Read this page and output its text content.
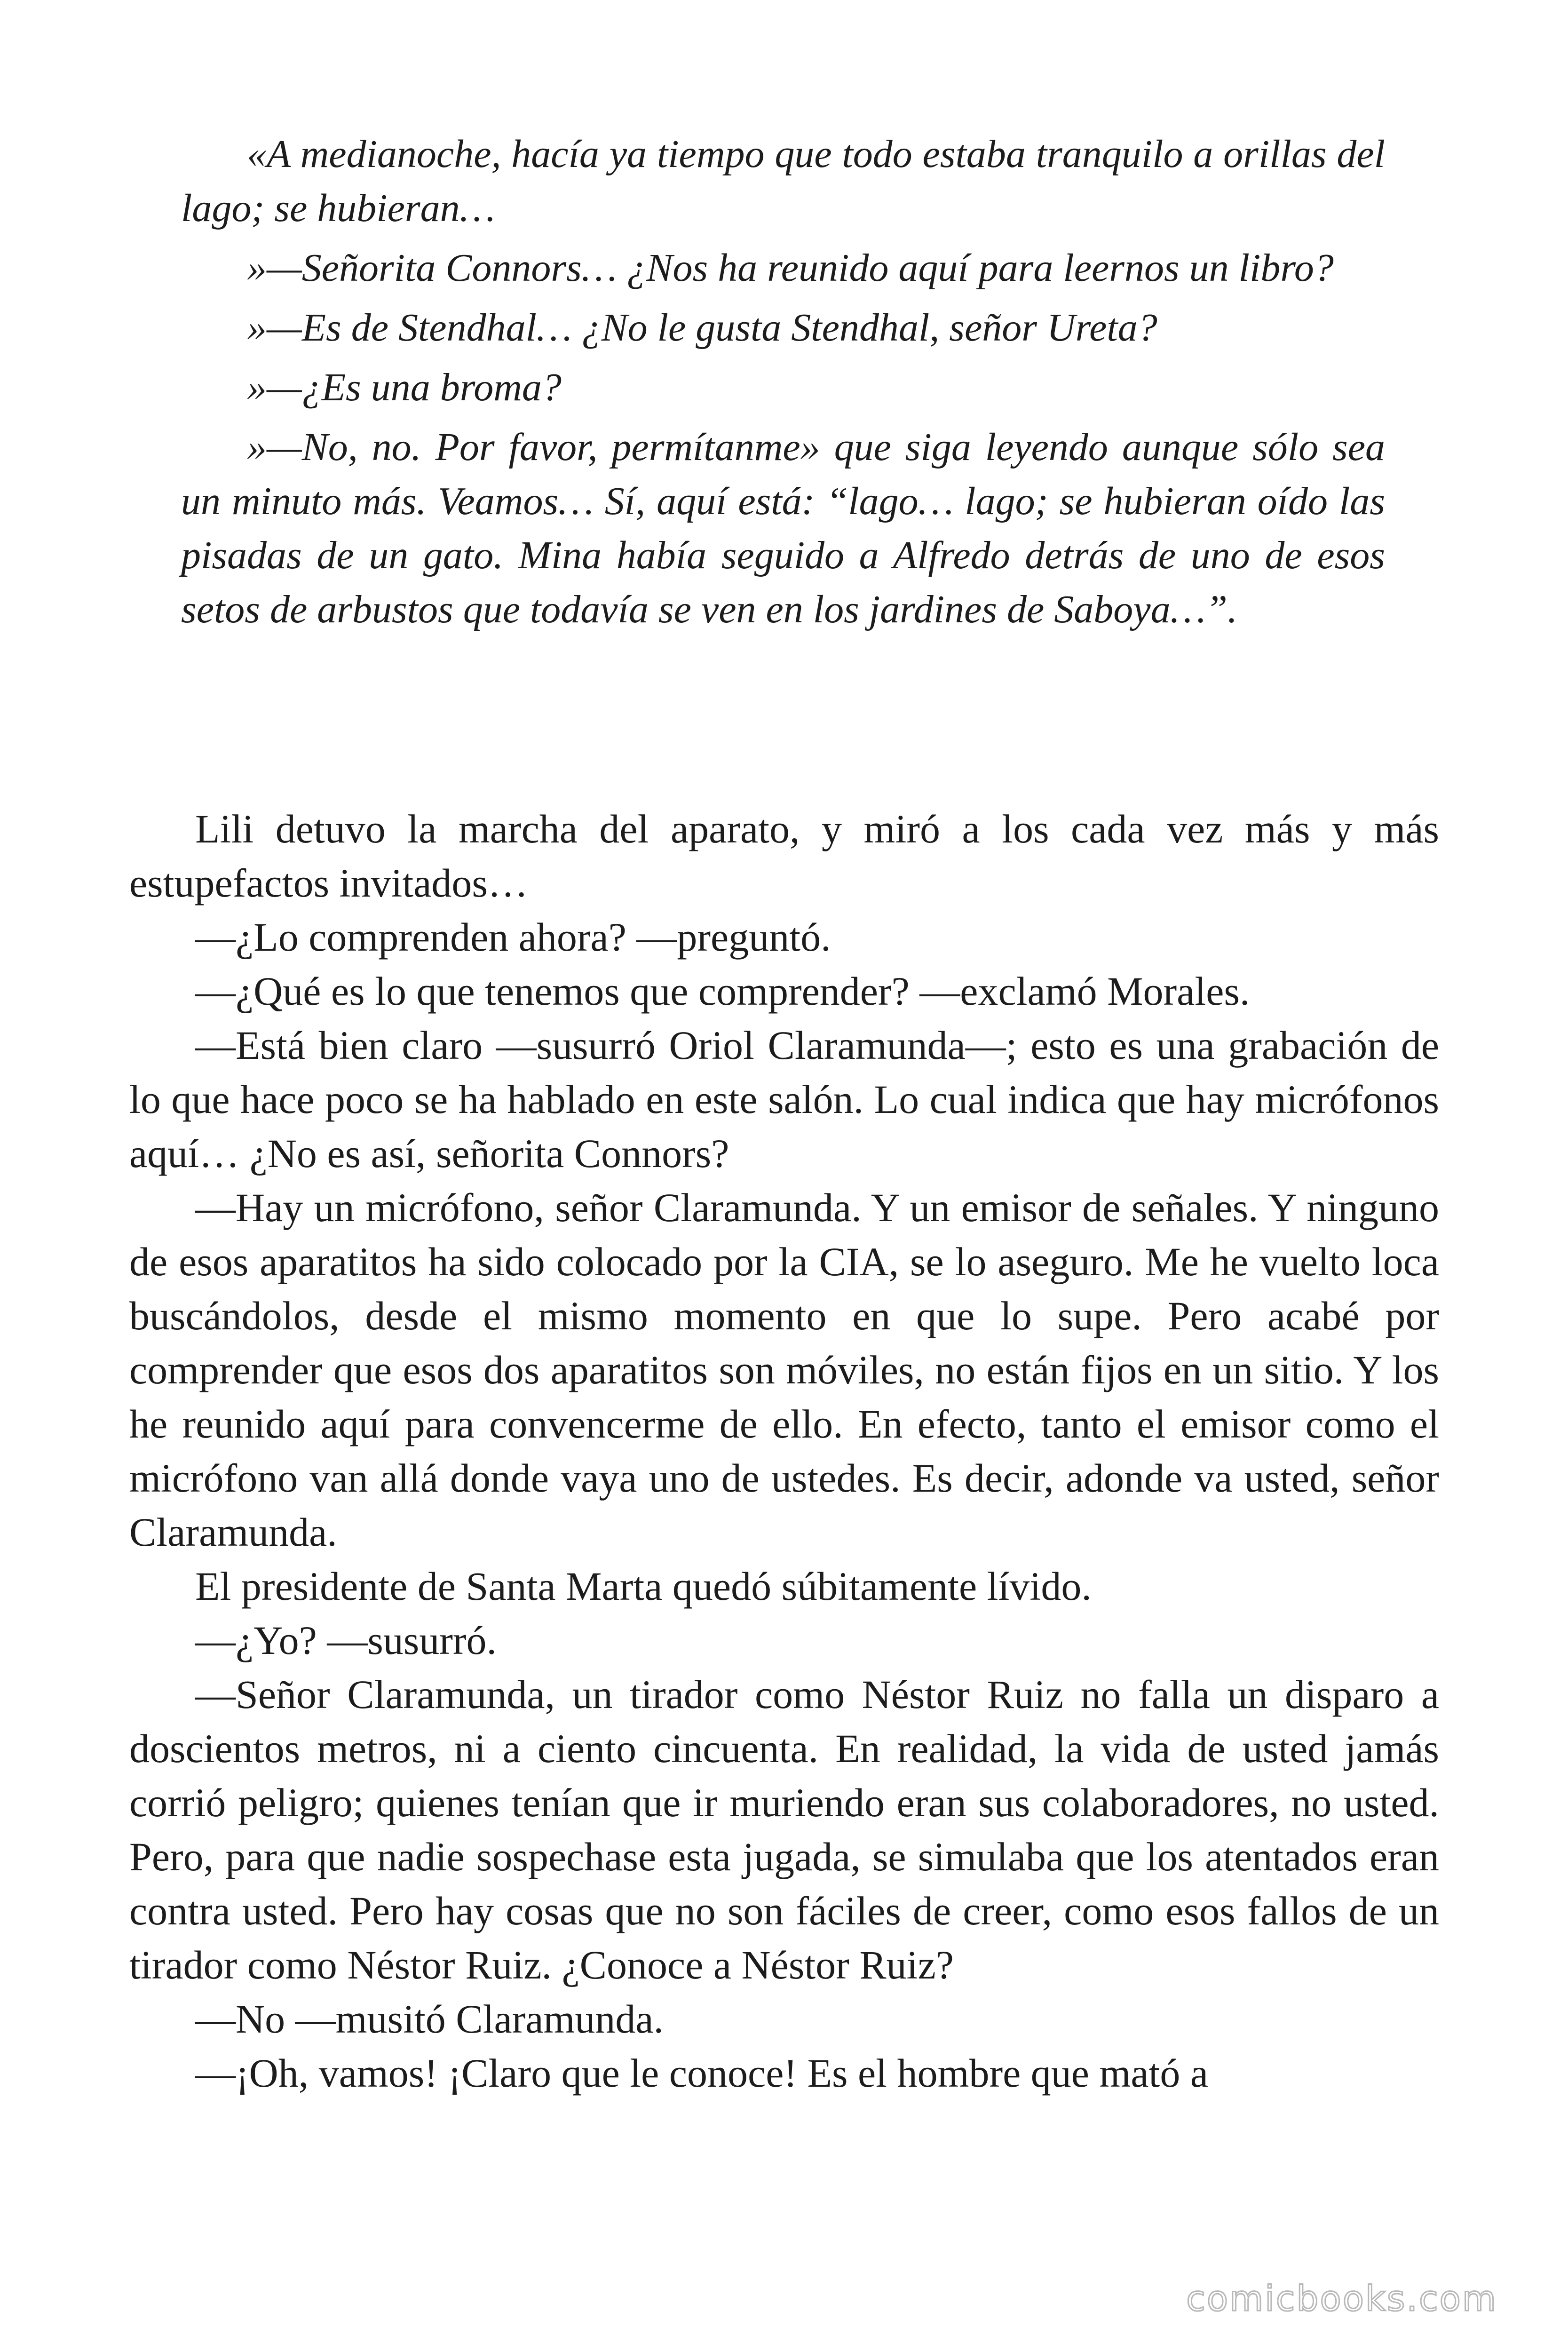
«A medianoche, hacía ya tiempo que todo estaba tranquilo a orillas del lago; se hubieran…

»—Señorita Connors… ¿Nos ha reunido aquí para leernos un libro?

»—Es de Stendhal… ¿No le gusta Stendhal, señor Ureta?

»—¿Es una broma?

»—No, no. Por favor, permítanme» que siga leyendo aunque sólo sea un minuto más. Veamos… Sí, aquí está: “lago… lago; se hubieran oído las pisadas de un gato. Mina había seguido a Alfredo detrás de uno de esos setos de arbustos que todavía se ven en los jardines de Saboya…”.

Lili detuvo la marcha del aparato, y miró a los cada vez más y más estupefactos invitados…

—¿Lo comprenden ahora? —preguntó.

—¿Qué es lo que tenemos que comprender? —exclamó Morales.

—Está bien claro —susurró Oriol Claramunda—; esto es una grabación de lo que hace poco se ha hablado en este salón. Lo cual indica que hay micrófonos aquí… ¿No es así, señorita Connors?

—Hay un micrófono, señor Claramunda. Y un emisor de señales. Y ninguno de esos aparatitos ha sido colocado por la CIA, se lo aseguro. Me he vuelto loca buscándolos, desde el mismo momento en que lo supe. Pero acabé por comprender que esos dos aparatitos son móviles, no están fijos en un sitio. Y los he reunido aquí para convencerme de ello. En efecto, tanto el emisor como el micrófono van allá donde vaya uno de ustedes. Es decir, adonde va usted, señor Claramunda.

El presidente de Santa Marta quedó súbitamente lívido.

—¿Yo? —susurró.

—Señor Claramunda, un tirador como Néstor Ruiz no falla un disparo a doscientos metros, ni a ciento cincuenta. En realidad, la vida de usted jamás corrió peligro; quienes tenían que ir muriendo eran sus colaboradores, no usted. Pero, para que nadie sospechase esta jugada, se simulaba que los atentados eran contra usted. Pero hay cosas que no son fáciles de creer, como esos fallos de un tirador como Néstor Ruiz. ¿Conoce a Néstor Ruiz?

—No —musitó Claramunda.

—¡Oh, vamos! ¡Claro que le conoce! Es el hombre que mató a

comicbooks.com
